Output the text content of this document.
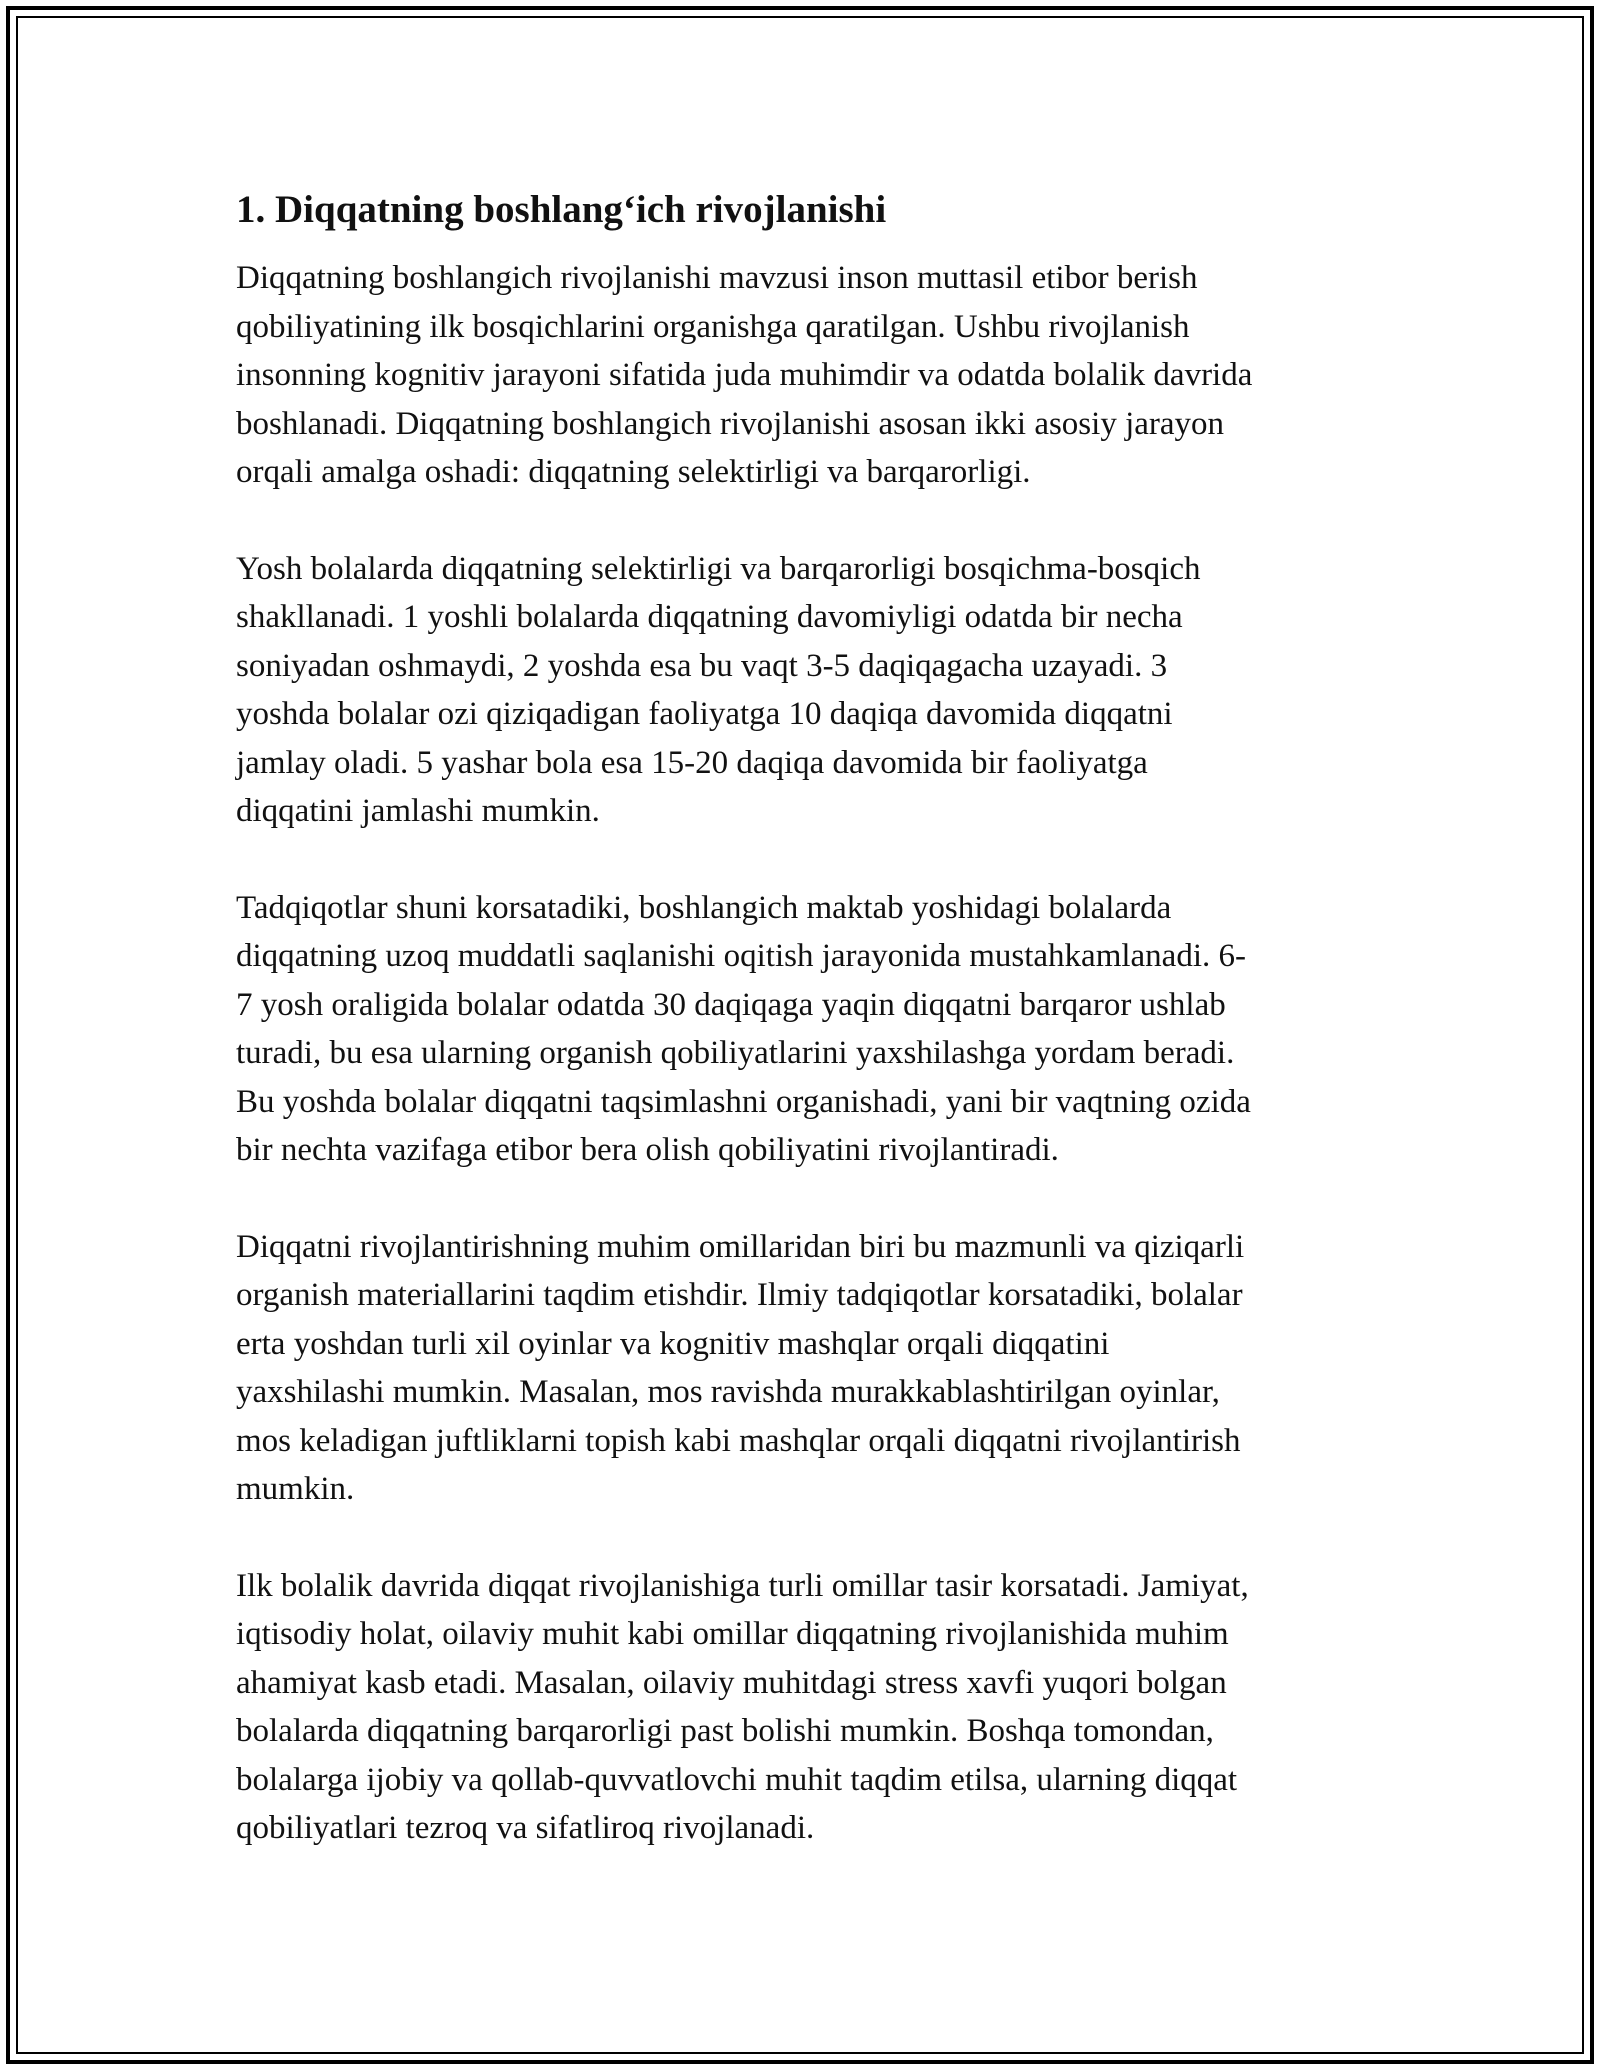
1. Diqqatning boshlang‘ich rivojlanishi
Diqqatning boshlangich rivojlanishi mavzusi inson muttasil etibor berish
qobiliyatining ilk bosqichlarini organishga qaratilgan. Ushbu rivojlanish
insonning kognitiv jarayoni sifatida juda muhimdir va odatda bolalik davrida
boshlanadi. Diqqatning boshlangich rivojlanishi asosan ikki asosiy jarayon
orqali amalga oshadi: diqqatning selektirligi va barqarorligi.
Yosh bolalarda diqqatning selektirligi va barqarorligi bosqichma-bosqich
shakllanadi. 1 yoshli bolalarda diqqatning davomiyligi odatda bir necha
soniyadan oshmaydi, 2 yoshda esa bu vaqt 3-5 daqiqagacha uzayadi. 3
yoshda bolalar ozi qiziqadigan faoliyatga 10 daqiqa davomida diqqatni
jamlay oladi. 5 yashar bola esa 15-20 daqiqa davomida bir faoliyatga
diqqatini jamlashi mumkin.
Tadqiqotlar shuni korsatadiki, boshlangich maktab yoshidagi bolalarda
diqqatning uzoq muddatli saqlanishi oqitish jarayonida mustahkamlanadi. 6-
7 yosh oraligida bolalar odatda 30 daqiqaga yaqin diqqatni barqaror ushlab
turadi, bu esa ularning organish qobiliyatlarini yaxshilashga yordam beradi.
Bu yoshda bolalar diqqatni taqsimlashni organishadi, yani bir vaqtning ozida
bir nechta vazifaga etibor bera olish qobiliyatini rivojlantiradi.
Diqqatni rivojlantirishning muhim omillaridan biri bu mazmunli va qiziqarli
organish materiallarini taqdim etishdir. Ilmiy tadqiqotlar korsatadiki, bolalar
erta yoshdan turli xil oyinlar va kognitiv mashqlar orqali diqqatini
yaxshilashi mumkin. Masalan, mos ravishda murakkablashtirilgan oyinlar,
mos keladigan juftliklarni topish kabi mashqlar orqali diqqatni rivojlantirish
mumkin.
Ilk bolalik davrida diqqat rivojlanishiga turli omillar tasir korsatadi. Jamiyat,
iqtisodiy holat, oilaviy muhit kabi omillar diqqatning rivojlanishida muhim
ahamiyat kasb etadi. Masalan, oilaviy muhitdagi stress xavfi yuqori bolgan
bolalarda diqqatning barqarorligi past bolishi mumkin. Boshqa tomondan,
bolalarga ijobiy va qollab-quvvatlovchi muhit taqdim etilsa, ularning diqqat
qobiliyatlari tezroq va sifatliroq rivojlanadi.
